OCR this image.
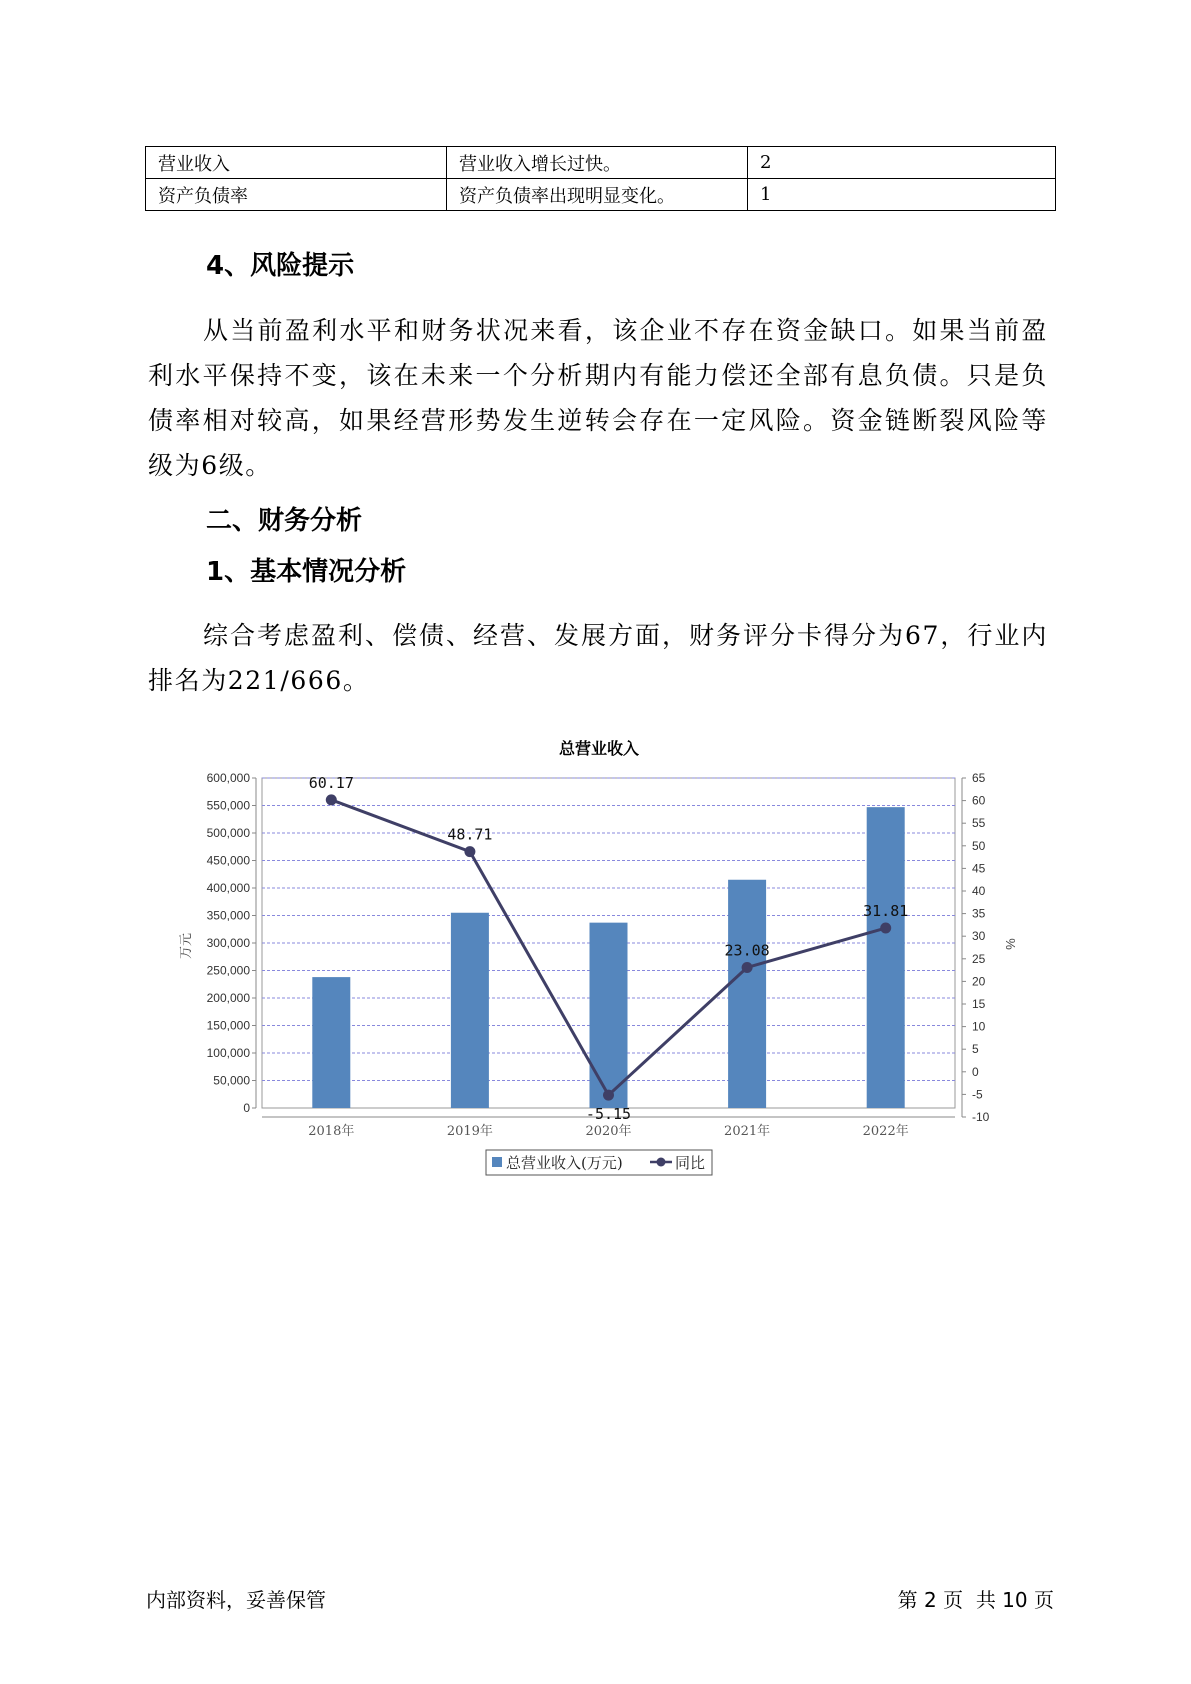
营业收入	营业收入增长过快。	2
资产负债率	资产负债率出现明显变化。	1
4、风险提示

从当前盈利水平和财务状况来看，该企业不存在资金缺口。如果当前盈利水平保持不变，该在未来一个分析期内有能力偿还全部有息负债。只是负债率相对较高，如果经营形势发生逆转会存在一定风险。资金链断裂风险等级为6级。

二、财务分析
1、基本情况分析

综合考虑盈利、偿债、经营、发展方面，财务评分卡得分为67，行业内排名为221/666。

总营业收入
0
50,000
100,000
150,000
200,000
250,000
300,000
350,000
400,000
450,000
500,000
550,000
600,000
-10
-5
0
5
10
15
20
25
30
35
40
45
50
55
60
65
60.17
48.71
-5.15
23.08
31.81
2018年	2019年	2020年	2021年	2022年
万元	%
总营业收入(万元)	同比
内部资料，妥善保管	第 2 页  共 10 页
